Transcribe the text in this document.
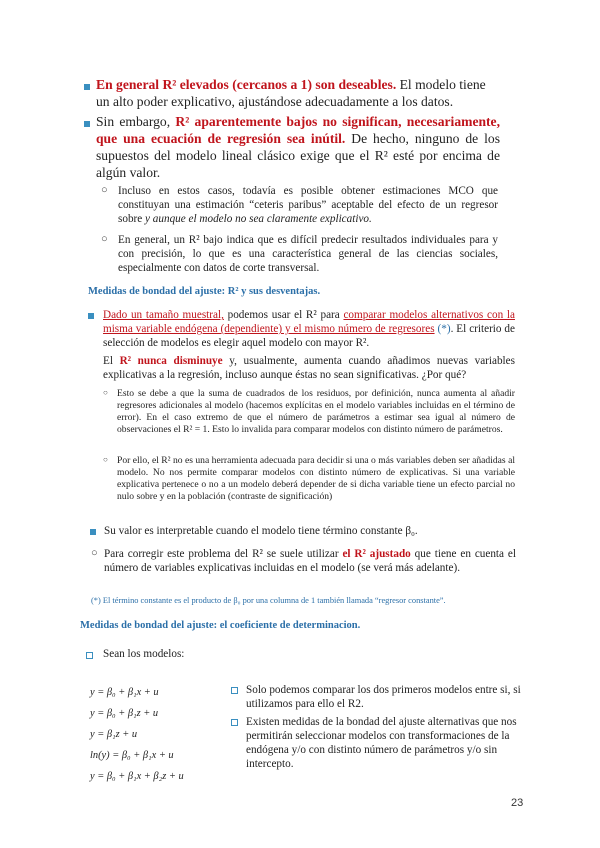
En general R² elevados (cercanos a 1) son deseables. El modelo tiene un alto poder explicativo, ajustándose adecuadamente a los datos.
Sin embargo, R² aparentemente bajos no significan, necesariamente, que una ecuación de regresión sea inútil. De hecho, ninguno de los supuestos del modelo lineal clásico exige que el R² esté por encima de algún valor.
○ Incluso en estos casos, todavía es posible obtener estimaciones MCO que constituyan una estimación “ceteris paribus” aceptable del efecto de un regresor sobre y aunque el modelo no sea claramente explicativo.
○ En general, un R² bajo indica que es difícil predecir resultados individuales para y con precisión, lo que es una característica general de las ciencias sociales, especialmente con datos de corte transversal.
Medidas de bondad del ajuste: R² y sus desventajas.
Dado un tamaño muestral, podemos usar el R² para comparar modelos alternativos con la misma variable endógena (dependiente) y el mismo número de regresores (*). El criterio de selección de modelos es elegir aquel modelo con mayor R².
El R² nunca disminuye y, usualmente, aumenta cuando añadimos nuevas variables explicativas a la regresión, incluso aunque éstas no sean significativas. ¿Por qué?
○ Esto se debe a que la suma de cuadrados de los residuos, por definición, nunca aumenta al añadir regresores adicionales al modelo (hacemos explícitas en el modelo variables incluidas en el término de error). En el caso extremo de que el número de parámetros a estimar sea igual al número de observaciones el R² = 1. Esto lo invalida para comparar modelos con distinto número de parámetros.
○ Por ello, el R² no es una herramienta adecuada para decidir si una o más variables deben ser añadidas al modelo. No nos permite comparar modelos con distinto número de explicativas. Si una variable explicativa pertenece o no a un modelo deberá depender de si dicha variable tiene un efecto parcial no nulo sobre y en la población (contraste de significación)
Su valor es interpretable cuando el modelo tiene término constante β₀.
○ Para corregir este problema del R² se suele utilizar el R² ajustado que tiene en cuenta el número de variables explicativas incluidas en el modelo (se verá más adelante).
(*) El término constante es el producto de β₀ por una columna de 1 también llamada “regresor constante”.
Medidas de bondad del ajuste: el coeficiente de determinacion.
Sean los modelos:
y = β₀ + β₁x + u
y = β₀ + β₁z + u
y = β₁z + u
ln(y) = β₀ + β₁x + u
y = β₀ + β₁x + β₂z + u
Solo podemos comparar los dos primeros modelos entre si, si utilizamos para ello el R2.
Existen medidas de la bondad del ajuste alternativas que nos permitirán seleccionar modelos con transformaciones de la endógena y/o con distinto número de parámetros y/o sin intercepto.
23
